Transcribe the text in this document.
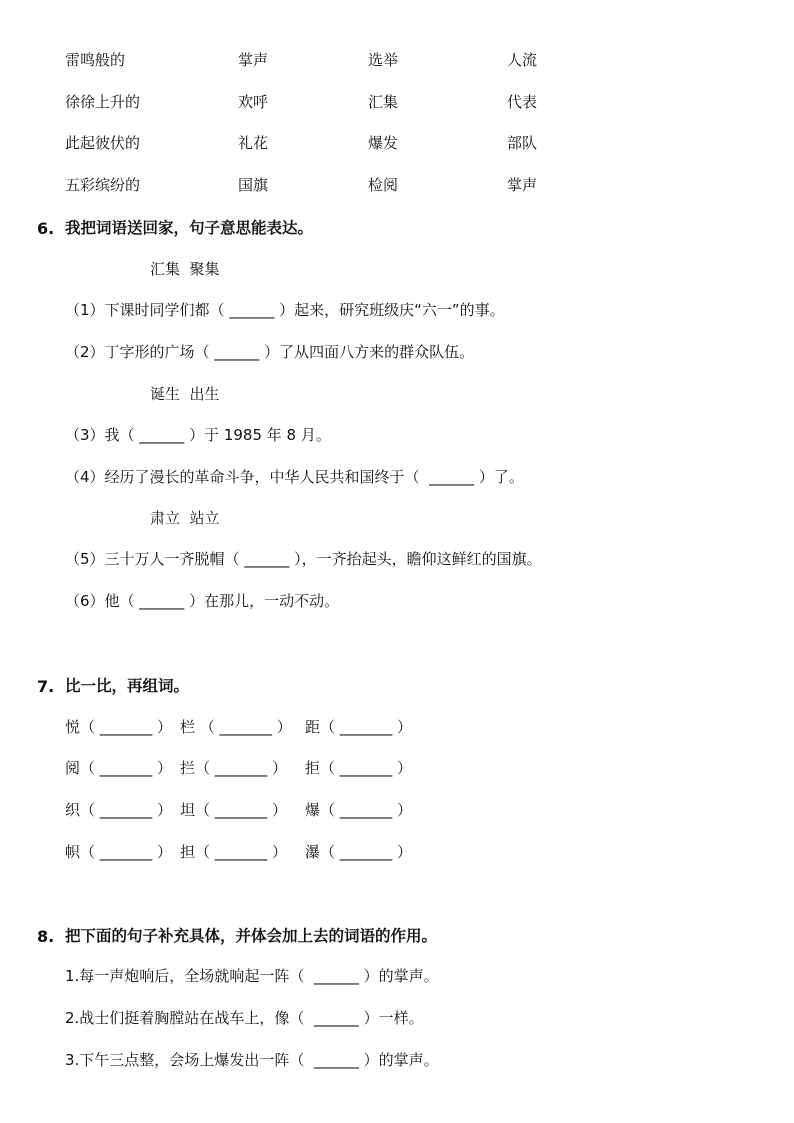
雷鸣般的
徐徐上升的
此起彼伏的
五彩缤纷的
掌声
欢呼
礼花
国旗
选举
汇集
爆发
检阅
人流
代表
部队
掌声
6. 我把词语送回家，句子意思能表达。
汇集  聚集
（1）下课时同学们都（ ______ ）起来，研究班级庆“六一”的事。
（2）丁字形的广场（ ______ ）了从四面八方来的群众队伍。
诞生  出生
（3）我（ ______ ）于 1985 年 8 月。
（4）经历了漫长的革命斗争，中华人民共和国终于（  ______ ）了。
肃立  站立
（5）三十万人一齐脱帽（ ______ ），一齐抬起头，瞻仰这鲜红的国旗。
（6）他（ ______ ）在那儿，一动不动。
7. 比一比，再组词。
悦（ _______ ） 栏 （ _______ ） 距（ _______ ）
阅（ _______ ） 拦（ _______ ） 拒（ _______ ）
织（ _______ ） 坦（ _______ ） 爆（ _______ ）
帜（ _______ ） 担（ _______ ） 瀑（ _______ ）
8. 把下面的句子补充具体，并体会加上去的词语的作用。
1.每一声炮响后，全场就响起一阵（  ______ ）的掌声。
2.战士们挺着胸膛站在战车上，像（  ______ ）一样。
3.下午三点整，会场上爆发出一阵（  ______ ）的掌声。
